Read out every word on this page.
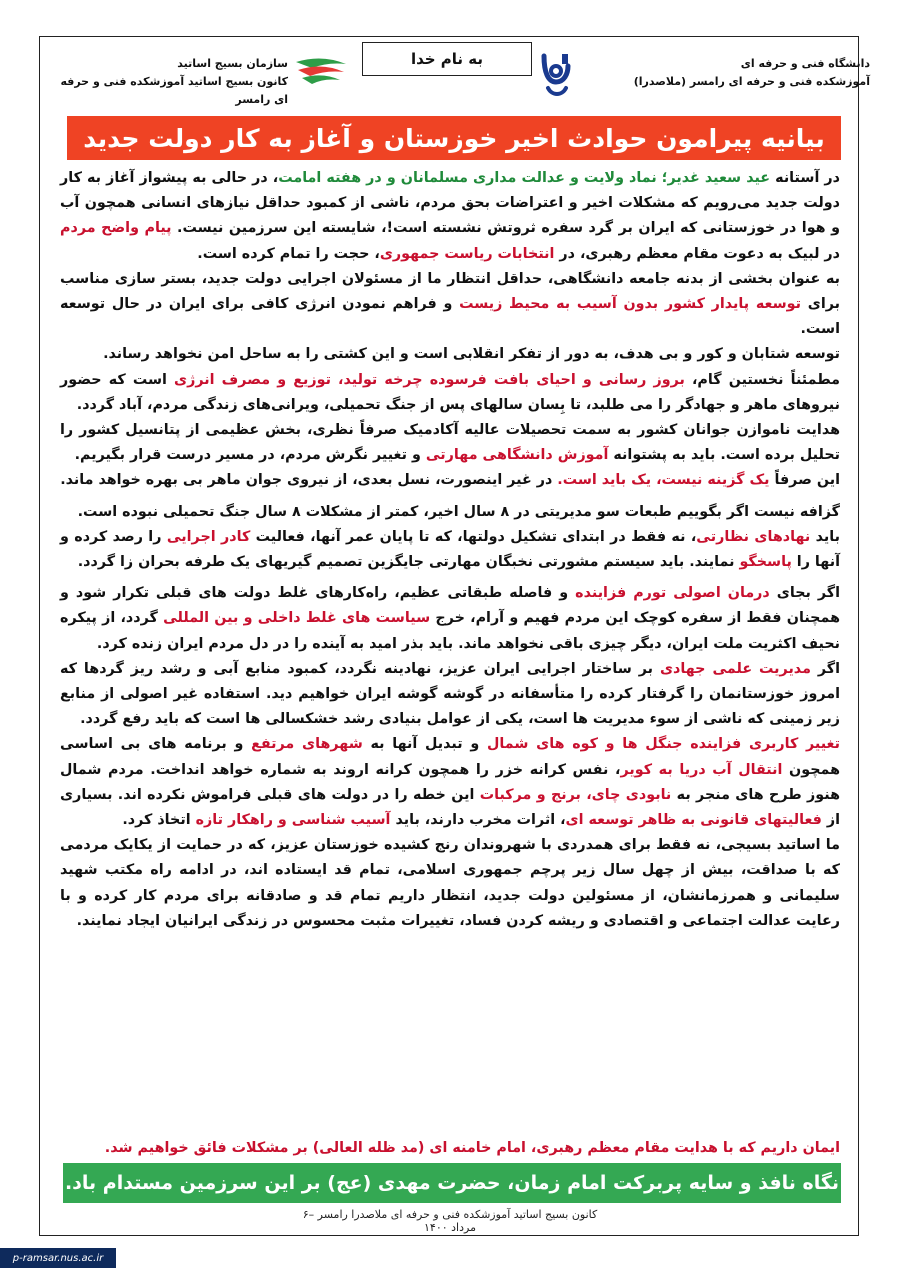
به نام خدا	دانشگاه فنی و حرفه ای
آموزشکده فنی و حرفه ای رامسر (ملاصدرا)
سازمان بسیج اساتید
کانون بسیج اساتید آموزشکده فنی و حرفه ای رامسر
بیانیه پیرامون حوادث اخیر خوزستان و آغاز به کار دولت جدید

در آستانه عید سعید غدیر؛ نماد ولایت و عدالت مداری مسلمانان و در هفته امامت، در حالی به پیشواز آغاز به کار دولت جدید می‌رویم که مشکلات اخیر و اعتراضات بحق مردم، ناشی از کمبود حداقل نیازهای انسانی همچون آب و هوا در خوزستانی که ایران بر گرد سفره ثروتش نشسته است!، شایسته این سرزمین نیست. پیام واضح مردم در لبیک به دعوت مقام معظم رهبری، در انتخابات ریاست جمهوری، حجت را تمام کرده است.

به عنوان بخشی از بدنه جامعه دانشگاهی، حداقل انتظار ما از مسئولان اجرایی دولت جدید، بستر سازی مناسب برای توسعه پایدار کشور بدون آسیب به محیط زیست و فراهم نمودن انرژی کافی برای ایران در حال توسعه است.

توسعه شتابان و کور و بی هدف، به دور از تفکر انقلابی است و این کشتی را به ساحل امن نخواهد رساند.

مطمئناً نخستین گام، بروز رسانی و احیای بافت فرسوده چرخه تولید، توزیع و مصرف انرژی است که حضور نیروهای ماهر و جهادگر را می طلبد، تا بِسان سالهای پس از جنگ تحمیلی، ویرانی‌های زندگی مردم، آباد گردد.

هدایت ناموازن جوانان کشور به سمت تحصیلات عالیه آکادمیک صرفاً نظری، بخش عظیمی از پتانسیل کشور را تحلیل برده است. باید به پشتوانه آموزش دانشگاهی مهارتی و تغییر نگرش مردم، در مسیر درست قرار بگیریم.

این صرفاً یک گزینه نیست، یک باید است. در غیر اینصورت، نسل بعدی، از نیروی جوان ماهر بی بهره خواهد ماند.

گزافه نیست اگر بگوییم طبعات سو مدیریتی در ۸ سال اخیر، کمتر از مشکلات ۸ سال جنگ تحمیلی نبوده است.

باید نهادهای نظارتی، نه فقط در ابتدای تشکیل دولتها، که تا پایان عمر آنها، فعالیت کادر اجرایی را رصد کرده و آنها را پاسخگو نمایند. باید سیستم مشورتی نخبگان مهارتی جایگزین تصمیم گیریهای یک طرفه بحران زا گردد.

اگر بجای درمان اصولی تورم فزاینده و فاصله طبقاتی عظیم، راه‌کارهای غلط دولت های قبلی تکرار شود و همچنان فقط از سفره کوچک این مردم فهیم و آرام، خرج سیاست های غلط داخلی و بین المللی گردد، از پیکره نحیف اکثریت ملت ایران، دیگر چیزی باقی نخواهد ماند. باید بذر امید به آینده را در دل مردم ایران زنده کرد.

اگر مدیریت علمی جهادی بر ساختار اجرایی ایران عزیز، نهادینه نگردد، کمبود منابع آبی و رشد ریز گردها که امروز خوزستانمان را گرفتار کرده را متأسفانه در گوشه گوشه ایران خواهیم دید. استفاده غیر اصولی از منابع زیر زمینی که ناشی از سوء مدیریت ها است، یکی از عوامل بنیادی رشد خشکسالی ها است که باید رفع گردد.

تغییر کاربری فزاینده جنگل ها و کوه های شمال و تبدیل آنها به شهرهای مرتفع و برنامه های بی اساسی همچون انتقال آب دریا به کویر، نفس کرانه خزر را همچون کرانه اروند به شماره خواهد انداخت. مردم شمال هنوز طرح های منجر به نابودی چای، برنج و مرکبات این خطه را در دولت های قبلی فراموش نکرده اند. بسیاری از فعالیتهای قانونی به ظاهر توسعه ای، اثرات مخرب دارند، باید آسیب شناسی و راهکار تازه اتخاذ کرد.

ما اساتید بسیجی، نه فقط برای همدردی با شهروندان رنج کشیده خوزستان عزیز، که در حمایت از یکایک مردمی که با صداقت، بیش از چهل سال زیر پرچم جمهوری اسلامی، تمام قد ایستاده اند، در ادامه راه مکتب شهید سلیمانی و همرزمانشان، از مسئولین دولت جدید، انتظار داریم تمام قد و صادقانه برای مردم کار کرده و با رعایت عدالت اجتماعی و اقتصادی و ریشه کردن فساد، تغییرات مثبت محسوس در زندگی ایرانیان ایجاد نمایند.

ایمان داریم که با هدایت مقام معظم رهبری، امام خامنه ای (مد ظله العالی) بر مشکلات فائق خواهیم شد.
نگاه نافذ و سایه پربرکت امام زمان، حضرت مهدی (عج) بر این سرزمین مستدام باد.
کانون بسیج اساتید آموزشکده فنی و حرفه ای ملاصدرا رامسر –۶ مرداد ۱۴۰۰
p-ramsar.nus.ac.ir
